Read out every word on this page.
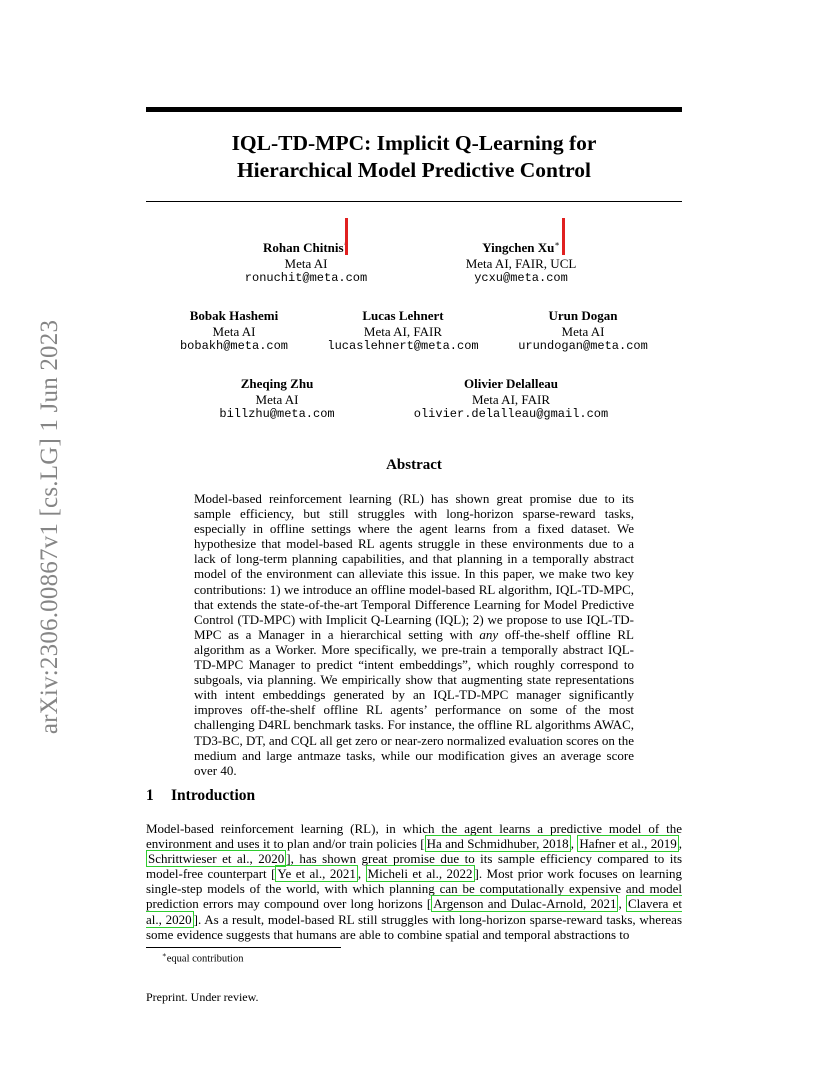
arXiv:2306.00867v1 [cs.LG] 1 Jun 2023
IQL-TD-MPC: Implicit Q-Learning for
Hierarchical Model Predictive Control
Rohan Chitnis
Meta AI
ronuchit@meta.com
Yingchen Xu∗
Meta AI, FAIR, UCL
ycxu@meta.com
Bobak Hashemi
Meta AI
bobakh@meta.com
Lucas Lehnert
Meta AI, FAIR
lucaslehnert@meta.com
Urun Dogan
Meta AI
urundogan@meta.com
Zheqing Zhu
Meta AI
billzhu@meta.com
Olivier Delalleau
Meta AI, FAIR
olivier.delalleau@gmail.com
Abstract

Model-based reinforcement learning (RL) has shown great promise due to its sample efficiency, but still struggles with long-horizon sparse-reward tasks, especially in offline settings where the agent learns from a fixed dataset. We hypothesize that model-based RL agents struggle in these environments due to a lack of long-term planning capabilities, and that planning in a temporally abstract model of the environment can alleviate this issue. In this paper, we make two key contributions: 1) we introduce an offline model-based RL algorithm, IQL-TD-MPC, that extends the state-of-the-art Temporal Difference Learning for Model Predictive Control (TD-MPC) with Implicit Q-Learning (IQL); 2) we propose to use IQL-TD-MPC as a Manager in a hierarchical setting with any off-the-shelf offline RL algorithm as a Worker. More specifically, we pre-train a temporally abstract IQL-TD-MPC Manager to predict “intent embeddings”, which roughly correspond to subgoals, via planning. We empirically show that augmenting state representations with intent embeddings generated by an IQL-TD-MPC manager significantly improves off-the-shelf offline RL agents’ performance on some of the most challenging D4RL benchmark tasks. For instance, the offline RL algorithms AWAC, TD3-BC, DT, and CQL all get zero or near-zero normalized evaluation scores on the medium and large antmaze tasks, while our modification gives an average score over 40.

1 Introduction

Model-based reinforcement learning (RL), in which the agent learns a predictive model of the environment and uses it to plan and/or train policies [ Ha and Schmidhuber, 2018 , Hafner et al., 2019 , Schrittwieser et al., 2020 ], has shown great promise due to its sample efficiency compared to its model-free counterpart [ Ye et al., 2021 , Micheli et al., 2022 ]. Most prior work focuses on learning single-step models of the world, with which planning can be computationally expensive and model prediction errors may compound over long horizons [ Argenson and Dulac-Arnold, 2021 , Clavera et al., 2020 ]. As a result, model-based RL still struggles with long-horizon sparse-reward tasks, whereas some evidence suggests that humans are able to combine spatial and temporal abstractions to

∗equal contribution
Preprint. Under review.
